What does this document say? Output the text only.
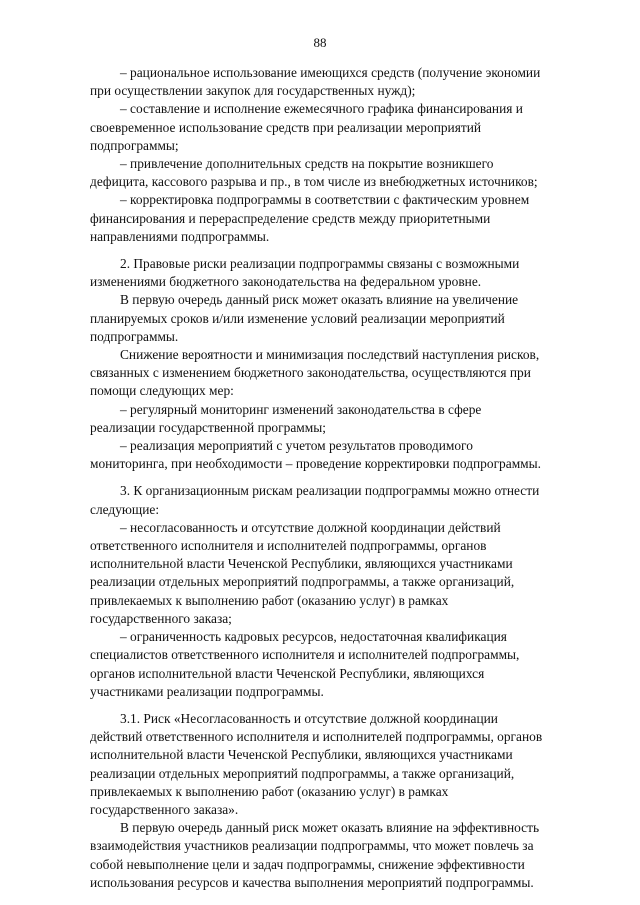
88

– рациональное использование имеющихся средств (получение экономии
при осуществлении закупок для государственных нужд);

– составление и исполнение ежемесячного графика финансирования и
своевременное использование средств при реализации мероприятий
подпрограммы;

– привлечение дополнительных средств на покрытие возникшего
дефицита, кассового разрыва и пр., в том числе из внебюджетных источников;

– корректировка подпрограммы в соответствии с фактическим уровнем
финансирования и перераспределение средств между приоритетными
направлениями подпрограммы.

2. Правовые риски реализации подпрограммы связаны с возможными
изменениями бюджетного законодательства на федеральном уровне.

В первую очередь данный риск может оказать влияние на увеличение
планируемых сроков и/или изменение условий реализации мероприятий
подпрограммы.

Снижение вероятности и минимизация последствий наступления рисков,
связанных с изменением бюджетного законодательства, осуществляются при
помощи следующих мер:

– регулярный мониторинг изменений законодательства в сфере
реализации государственной программы;

– реализация мероприятий с учетом результатов проводимого
мониторинга, при необходимости – проведение корректировки подпрограммы.

3. К организационным рискам реализации подпрограммы можно отнести
следующие:

– несогласованность и отсутствие должной координации действий
ответственного исполнителя и исполнителей подпрограммы, органов
исполнительной власти Чеченской Республики, являющихся участниками
реализации отдельных мероприятий подпрограммы, а также организаций,
привлекаемых к выполнению работ (оказанию услуг) в рамках
государственного заказа;

– ограниченность кадровых ресурсов, недостаточная квалификация
специалистов ответственного исполнителя и исполнителей подпрограммы,
органов исполнительной власти Чеченской Республики, являющихся
участниками реализации подпрограммы.

3.1. Риск «Несогласованность и отсутствие должной координации
действий ответственного исполнителя и исполнителей подпрограммы, органов
исполнительной власти Чеченской Республики, являющихся участниками
реализации отдельных мероприятий подпрограммы, а также организаций,
привлекаемых к выполнению работ (оказанию услуг) в рамках
государственного заказа».

В первую очередь данный риск может оказать влияние на эффективность
взаимодействия участников реализации подпрограммы, что может повлечь за
собой невыполнение цели и задач подпрограммы, снижение эффективности
использования ресурсов и качества выполнения мероприятий подпрограммы.
